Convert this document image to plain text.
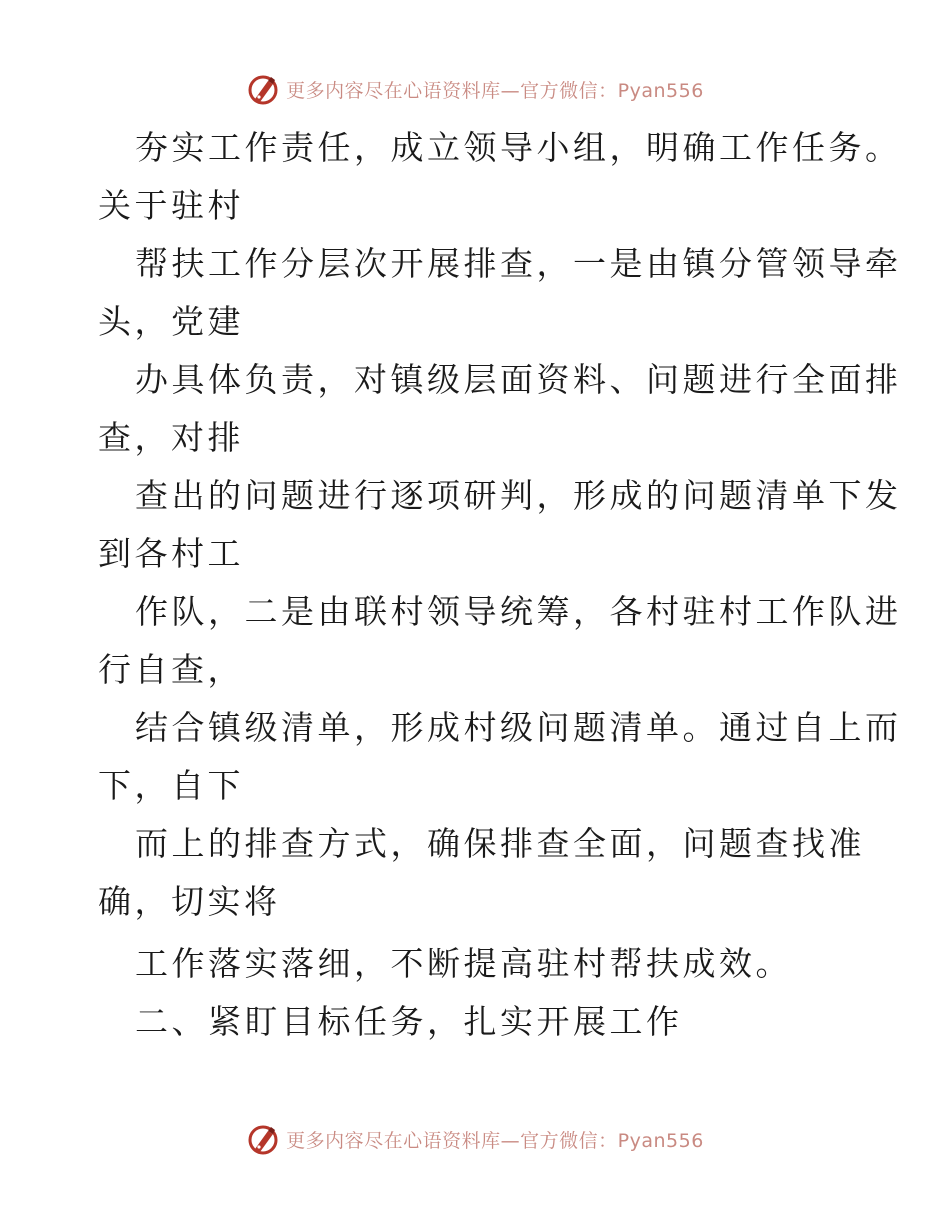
更多内容尽在心语资料库—官方微信：Pyan556
夯实工作责任，成立领导小组，明确工作任务。
关于驻村
帮扶工作分层次开展排查，一是由镇分管领导牵
头，党建
办具体负责，对镇级层面资料、问题进行全面排
查，对排
查出的问题进行逐项研判，形成的问题清单下发
到各村工
作队，二是由联村领导统筹，各村驻村工作队进
行自查，
结合镇级清单，形成村级问题清单。通过自上而
下，自下
而上的排查方式，确保排查全面，问题查找准
确，切实将
工作落实落细，不断提高驻村帮扶成效。
二、紧盯目标任务，扎实开展工作
更多内容尽在心语资料库—官方微信：Pyan556
